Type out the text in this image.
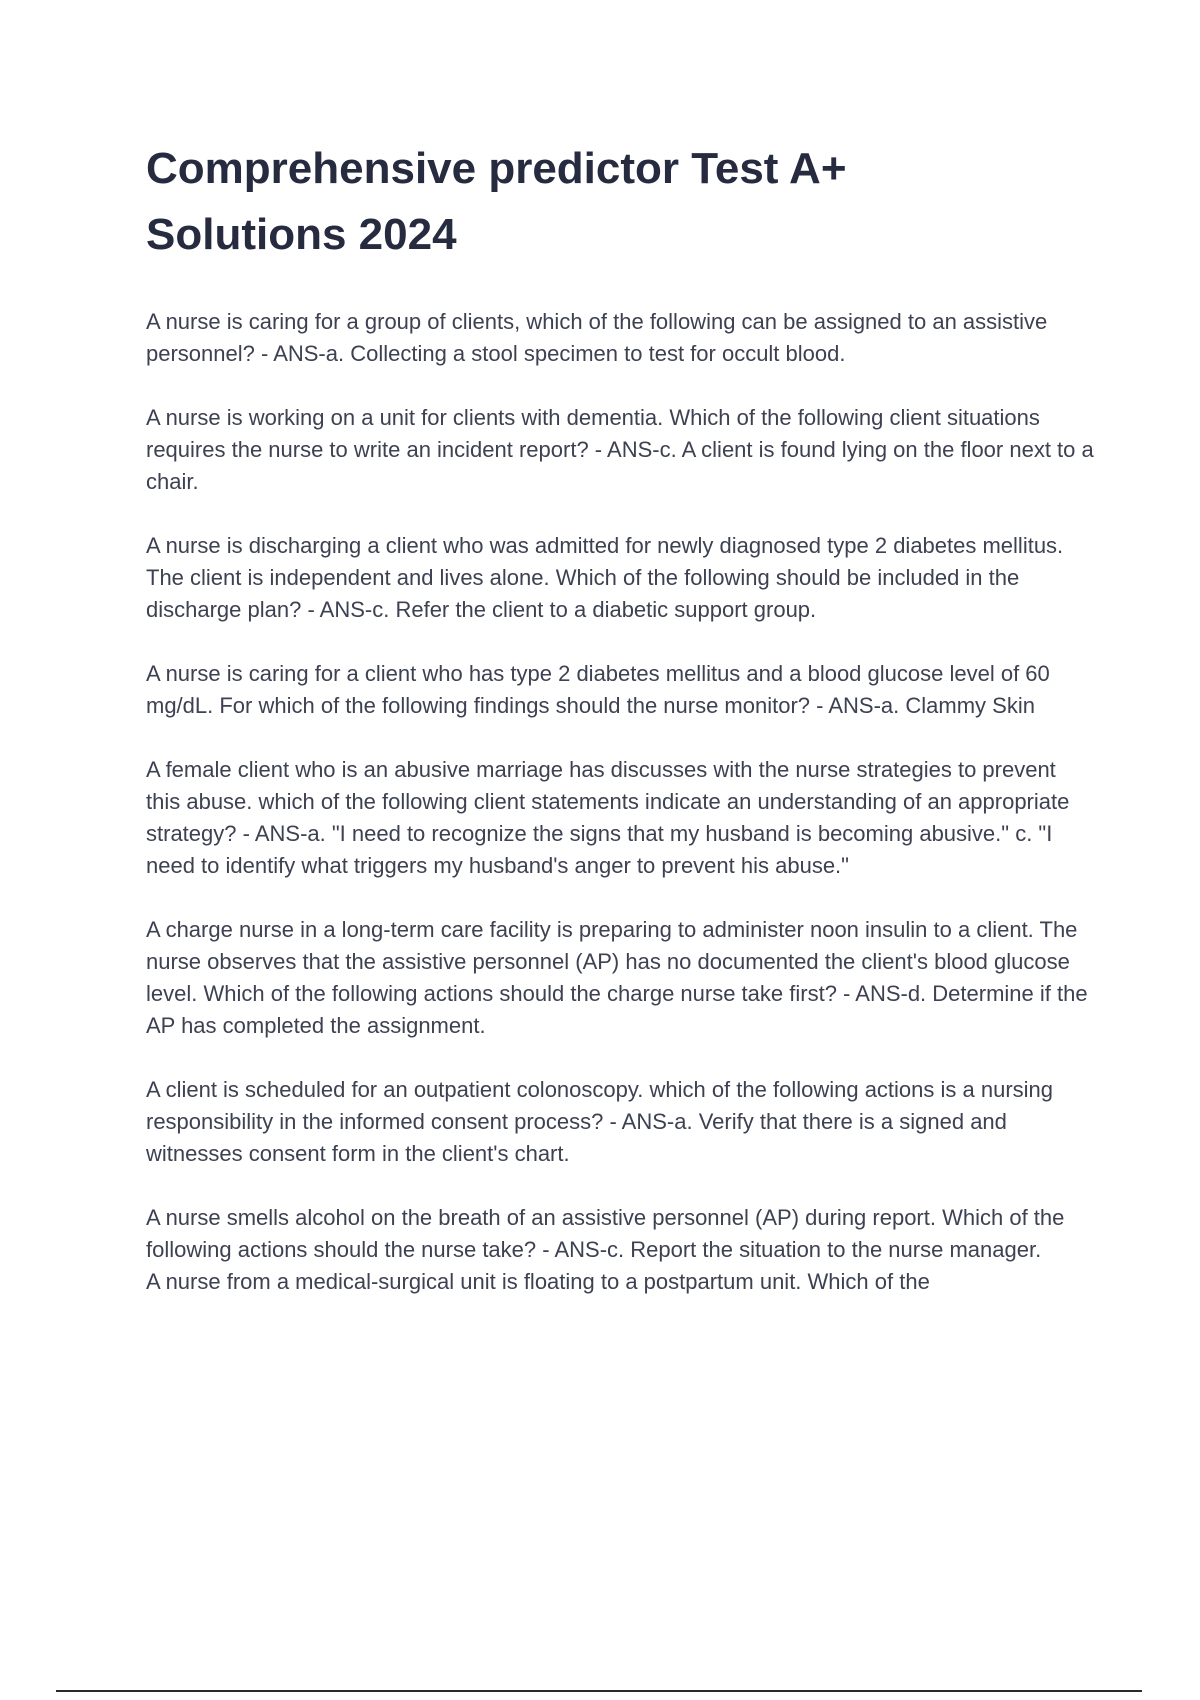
Comprehensive predictor Test A+ Solutions 2024

A nurse is caring for a group of clients, which of the following can be assigned to an assistive personnel? - ANS-a. Collecting a stool specimen to test for occult blood.

A nurse is working on a unit for clients with dementia. Which of the following client situations requires the nurse to write an incident report? - ANS-c. A client is found lying on the floor next to a chair.

A nurse is discharging a client who was admitted for newly diagnosed type 2 diabetes mellitus. The client is independent and lives alone. Which of the following should be included in the discharge plan? - ANS-c. Refer the client to a diabetic support group.

A nurse is caring for a client who has type 2 diabetes mellitus and a blood glucose level of 60 mg/dL. For which of the following findings should the nurse monitor? - ANS-a. Clammy Skin

A female client who is an abusive marriage has discusses with the nurse strategies to prevent this abuse. which of the following client statements indicate an understanding of an appropriate strategy? - ANS-a. "I need to recognize the signs that my husband is becoming abusive." c. "I need to identify what triggers my husband's anger to prevent his abuse."

A charge nurse in a long-term care facility is preparing to administer noon insulin to a client. The nurse observes that the assistive personnel (AP) has no documented the client's blood glucose level. Which of the following actions should the charge nurse take first? - ANS-d. Determine if the AP has completed the assignment.

A client is scheduled for an outpatient colonoscopy. which of the following actions is a nursing responsibility in the informed consent process? - ANS-a. Verify that there is a signed and witnesses consent form in the client's chart.

A nurse smells alcohol on the breath of an assistive personnel (AP) during report. Which of the following actions should the nurse take? - ANS-c. Report the situation to the nurse manager.

A nurse from a medical-surgical unit is floating to a postpartum unit. Which of the
